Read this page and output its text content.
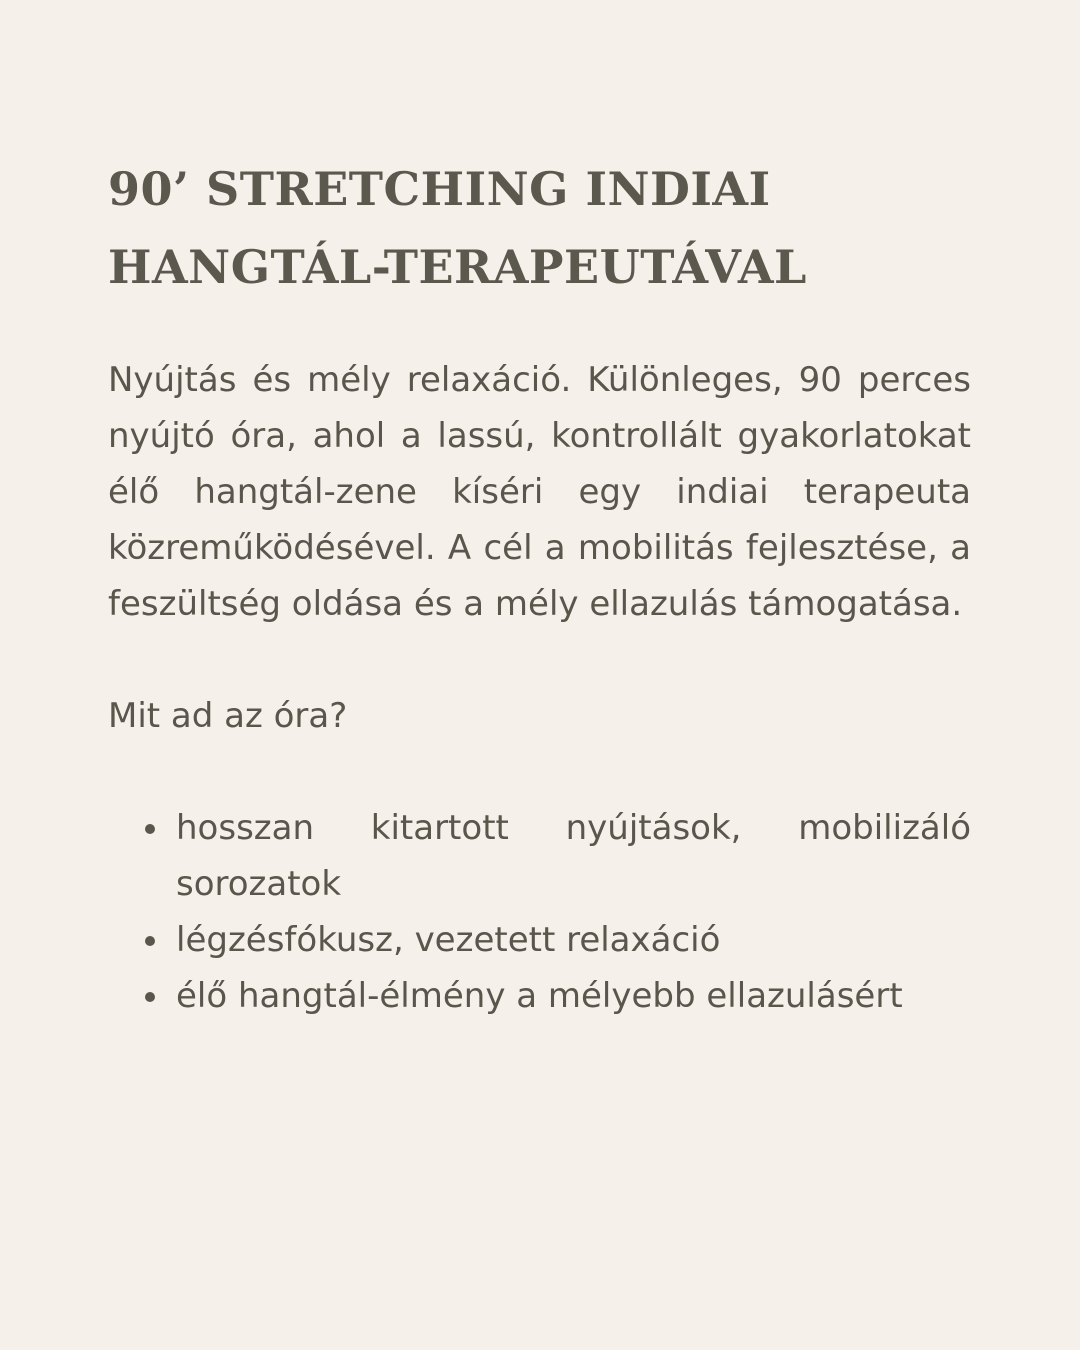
90’ STRETCHING INDIAI
HANGTÁL-TERAPEUTÁVAL

Nyújtás és mély relaxáció. Különleges, 90 perces nyújtó óra, ahol a lassú, kontrollált gyakorlatokat élő hangtál-zene kíséri egy indiai terapeuta közreműködésével. A cél a mobilitás fejlesztése, a feszültség oldása és a mély ellazulás támogatása.

Mit ad az óra?

hosszan kitartott nyújtások, mobilizáló sorozatok
légzésfókusz, vezetett relaxáció
élő hangtál-élmény a mélyebb ellazulásért
